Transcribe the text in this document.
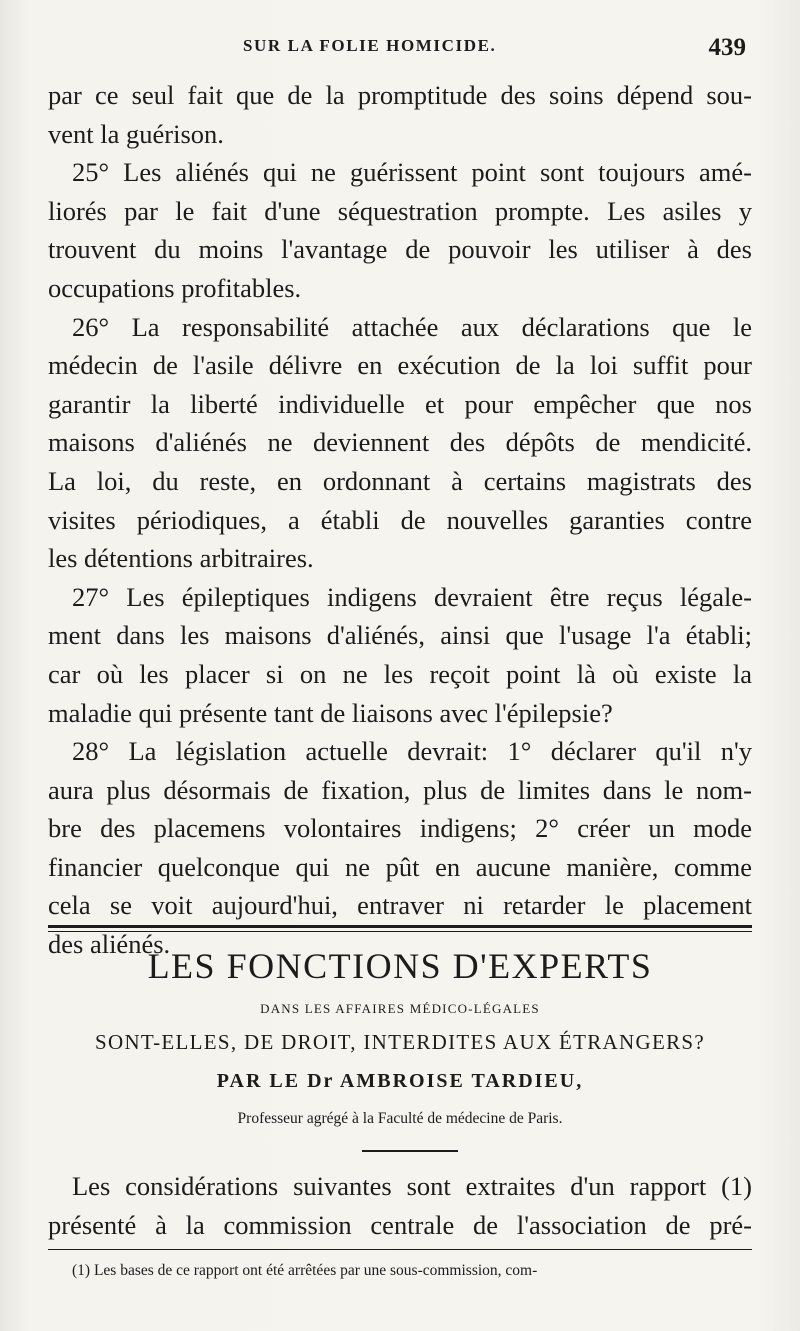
SUR LA FOLIE HOMICIDE.	439
par ce seul fait que de la promptitude des soins dépend sou-
vent la guérison.
25° Les aliénés qui ne guérissent point sont toujours amé-
liorés par le fait d'une séquestration prompte. Les asiles y
trouvent du moins l'avantage de pouvoir les utiliser à des
occupations profitables.
26° La responsabilité attachée aux déclarations que le
médecin de l'asile délivre en exécution de la loi suffit pour
garantir la liberté individuelle et pour empêcher que nos
maisons d'aliénés ne deviennent des dépôts de mendicité.
La loi, du reste, en ordonnant à certains magistrats des
visites périodiques, a établi de nouvelles garanties contre
les détentions arbitraires.
27° Les épileptiques indigens devraient être reçus légale-
ment dans les maisons d'aliénés, ainsi que l'usage l'a établi;
car où les placer si on ne les reçoit point là où existe la
maladie qui présente tant de liaisons avec l'épilepsie?
28° La législation actuelle devrait: 1° déclarer qu'il n'y
aura plus désormais de fixation, plus de limites dans le nom-
bre des placemens volontaires indigens; 2° créer un mode
financier quelconque qui ne pût en aucune manière, comme
cela se voit aujourd'hui, entraver ni retarder le placement
des aliénés.
LES FONCTIONS D'EXPERTS
DANS LES AFFAIRES MÉDICO-LÉGALES
SONT-ELLES, DE DROIT, INTERDITES AUX ÉTRANGERS?
PAR LE Dr AMBROISE TARDIEU,
Professeur agrégé à la Faculté de médecine de Paris.
Les considérations suivantes sont extraites d'un rapport (1)
présenté à la commission centrale de l'association de pré-
(1) Les bases de ce rapport ont été arrêtées par une sous-commission, com-
